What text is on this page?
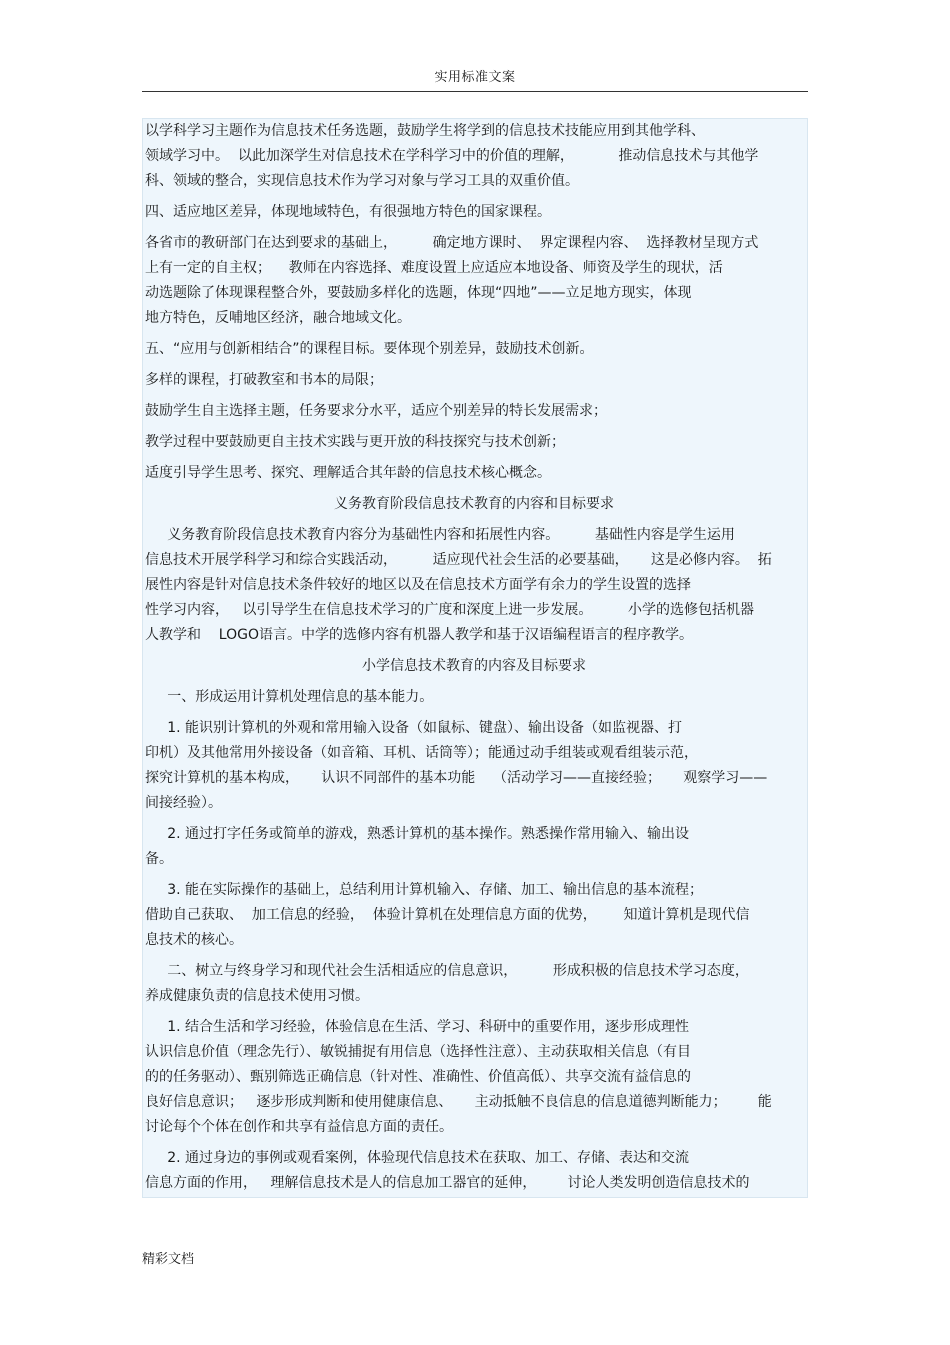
实用标准文案
以学科学习主题作为信息技术任务选题，鼓励学生将学到的信息技术技能应用到其他学科、
领域学习中。  以此加深学生对信息技术在学科学习中的价值的理解，          推动信息技术与其他学
科、领域的整合，实现信息技术作为学习对象与学习工具的双重价值。
四、适应地区差异，体现地域特色，有很强地方特色的国家课程。
各省市的教研部门在达到要求的基础上，        确定地方课时、  界定课程内容、  选择教材呈现方式
上有一定的自主权；    教师在内容选择、难度设置上应适应本地设备、师资及学生的现状，活
动选题除了体现课程整合外，要鼓励多样化的选题，体现“四地”——立足地方现实，体现
地方特色，反哺地区经济，融合地域文化。
五、“应用与创新相结合”的课程目标。要体现个别差异，鼓励技术创新。
多样的课程，打破教室和书本的局限；
鼓励学生自主选择主题，任务要求分水平，适应个别差异的特长发展需求；
教学过程中要鼓励更自主技术实践与更开放的科技探究与技术创新；
适度引导学生思考、探究、理解适合其年龄的信息技术核心概念。
义务教育阶段信息技术教育的内容和目标要求
义务教育阶段信息技术教育内容分为基础性内容和拓展性内容。        基础性内容是学生运用
信息技术开展学科学习和综合实践活动，        适应现代社会生活的必要基础，     这是必修内容。  拓
展性内容是针对信息技术条件较好的地区以及在信息技术方面学有余力的学生设置的选择
性学习内容，   以引导学生在信息技术学习的广度和深度上进一步发展。        小学的选修包括机器
人教学和    LOGO语言。中学的选修内容有机器人教学和基于汉语编程语言的程序教学。
小学信息技术教育的内容及目标要求
一、形成运用计算机处理信息的基本能力。
1. 能识别计算机的外观和常用输入设备（如鼠标、键盘）、输出设备（如监视器、打
印机）及其他常用外接设备（如音箱、耳机、话筒等）；能通过动手组装或观看组装示范，
探究计算机的基本构成，     认识不同部件的基本功能    （活动学习——直接经验；     观察学习——
间接经验）。
2. 通过打字任务或简单的游戏，熟悉计算机的基本操作。熟悉操作常用输入、输出设
备。
3. 能在实际操作的基础上，总结利用计算机输入、存储、加工、输出信息的基本流程；
借助自己获取、  加工信息的经验，  体验计算机在处理信息方面的优势，      知道计算机是现代信
息技术的核心。
二、树立与终身学习和现代社会生活相适应的信息意识，        形成积极的信息技术学习态度，
养成健康负责的信息技术使用习惯。
1. 结合生活和学习经验，体验信息在生活、学习、科研中的重要作用，逐步形成理性
认识信息价值（理念先行）、敏锐捕捉有用信息（选择性注意）、主动获取相关信息（有目
的的任务驱动）、甄别筛选正确信息（针对性、准确性、价值高低）、共享交流有益信息的
良好信息意识；   逐步形成判断和使用健康信息、     主动抵触不良信息的信息道德判断能力；       能
讨论每个个体在创作和共享有益信息方面的责任。
2. 通过身边的事例或观看案例，体验现代信息技术在获取、加工、存储、表达和交流
信息方面的作用，   理解信息技术是人的信息加工器官的延伸，       讨论人类发明创造信息技术的
精彩文档
